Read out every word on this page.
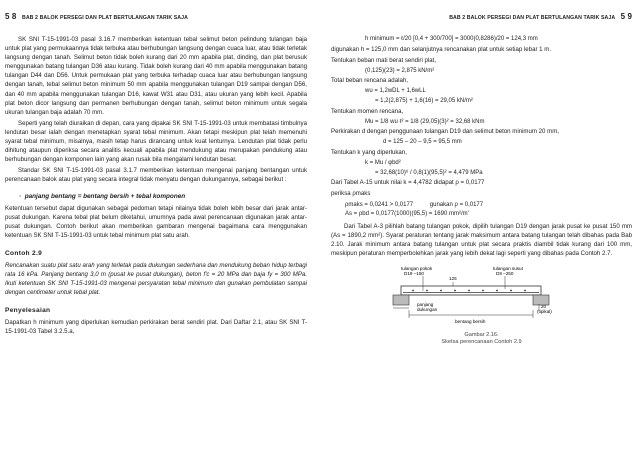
5 8 BAB 2 BALOK PERSEGI DAN PLAT BERTULANGAN TARIK SAJA

SK SNI T-15-1991-03 pasal 3.16.7 memberikan ketentuan tebal selimut beton pelindung tulangan baja untuk plat yang permukaannya tidak terbuka atau berhubungan langsung dengan cuaca luar, atau tidak terletak langsung dengan tanah. Selimut beton tidak boleh kurang dari 20 mm apabila plat, dinding, dan plat berusuk menggunakan batang tulangan D36 atau kurang. Tidak boleh kurang dari 40 mm apabila menggunakan batang tulangan D44 dan D56. Untuk permukaan plat yang terbuka terhadap cuaca luar atau berhubungan langsung dengan tanah, tebal selimut beton minimum 50 mm apabila menggunakan tulangan D19 sampai dengan D56, dan 40 mm apabila menggunakan tulangan D16, kawat W31 atau D31, atau ukuran yang lebih kecil. Apabila plat beton dicor langsung dan permanen berhubungan dengan tanah, selimut beton minimum untuk segala ukuran tulangan baja adalah 70 mm.

Seperti yang telah diuraikan di depan, cara yang dipakai SK SNI T-15-1991-03 untuk membatasi timbulnya lendutan besar ialah dengan menetapkan syarat tebal minimum. Akan tetapi meskipun plat telah memenuhi syarat tebal minimum, misalnya, masih tetap harus dirancang untuk kuat lenturnya. Lendutan plat tidak perlu dihitung ataupun diperiksa secara analitis kecuali apabila plat mendukung atau merupakan pendukung atau berhubungan dengan komponen lain yang akan rusak bila mengalami lendutan besar.

Standar SK SNI T-15-1991-03 pasal 3.1.7 memberikan ketentuan mengenai panjang bentangan untuk perencanaan balok atau plat yang secara integral tidak menyatu dengan dukungannya, sebagai berikut :

·  panjang bentang = bentang bersih + tebal komponen

Ketentuan tersebut dapat digunakan sebagai pedoman tetapi nilainya tidak boleh lebih besar dari jarak antar-pusat dukungan. Karena tebal plat belum diketahui, umumnya pada awal perencanaan digunakan jarak antar-pusat dukungan. Contoh berikut akan memberikan gambaran mengenai bagaimana cara menggunakan ketentuan SK SNI T-15-1991-03 untuk tebal minimum plat satu arah.

Contoh 2.9

Rencanakan suatu plat satu arah yang terletak pada dukungan sederhana dan mendukung beban hidup terbagi rata 16 kPa. Panjang bentang 3,0 m (pusat ke pusat dukungan), beton f'c = 20 MPa dan baja fy = 300 MPa. Ikuti ketentuan SK SNI T-15-1991-03 mengenai persyaratan tebal minimum dan gunakan pembulatan sampai dengan centimeter untuk tebal plat.

Penyelesaian

Dapatkan h minimum yang diperlukan kemudian perkirakan berat sendiri plat. Dari Daftar 2.1, atau SK SNI T-15-1991-03 Tabel 3.2.5.a,

BAB 2 BALOK PERSEGI DAN PLAT BERTULANGAN TARIK SAJA 5 9
h minimum = ℓ/20 [0,4 + 300/700] = 3000(0,8286)/20 = 124,3 mm

digunakan h = 125,0 mm dan selanjutnya rencanakan plat untuk setiap lebar 1 m.

Tentukan beban mati berat sendiri plat,

(0,125)(23) = 2,875 kN/m²

Total beban rencana adalah,

wu = 1,2wDL + 1,6wLL
= 1,2(2,875) + 1,6(16) = 29,05 kN/m²

Tentukan momen rencana,

Mu = 1/8 wu ℓ² = 1/8 (29,05)(3)² = 32,68 kNm

Perkirakan d dengan penggunaan tulangan D19 dan selimut beton minimum 20 mm,

d = 125 – 20 – 9,5 = 95,5 mm

Tentukan k yang diperlukan,

k = Mu / φbd²
= 32,68(10)⁶ / 0,8(1)(95,5)² = 4,479 MPa

Dari Tabel A-15 untuk nilai k = 4,4782 didapat ρ = 0,0177

periksa ρmaks

ρmaks = 0,0241 > 0,0177          gunakan ρ = 0,0177
As = ρbd = 0,0177(1000)(95,5) = 1690 mm²/m'

Dari Tabel A-3 pilihlah batang tulangan pokok, dipilih tulangan D19 dengan jarak pusat ke pusat 150 mm (As = 1890,2 mm²). Syarat peraturan tentang jarak maksimum antara batang tulangan telah dibahas pada Bab 2.10. Jarak minimum antara batang tulangan untuk plat secara praktis diambil tidak kurang dari 100 mm, meskipun peraturan memperbolehkan jarak yang lebih dekat lagi seperti yang dibahas pada Contoh 2.7.

tulangan pokok
D19 –150
125
tulangan susut
D8 –250
panjang
dukungan
20
(tipikal)
bentang bersih
Gambar 2.16.
Sketsa perencanaan Contoh 2.9
